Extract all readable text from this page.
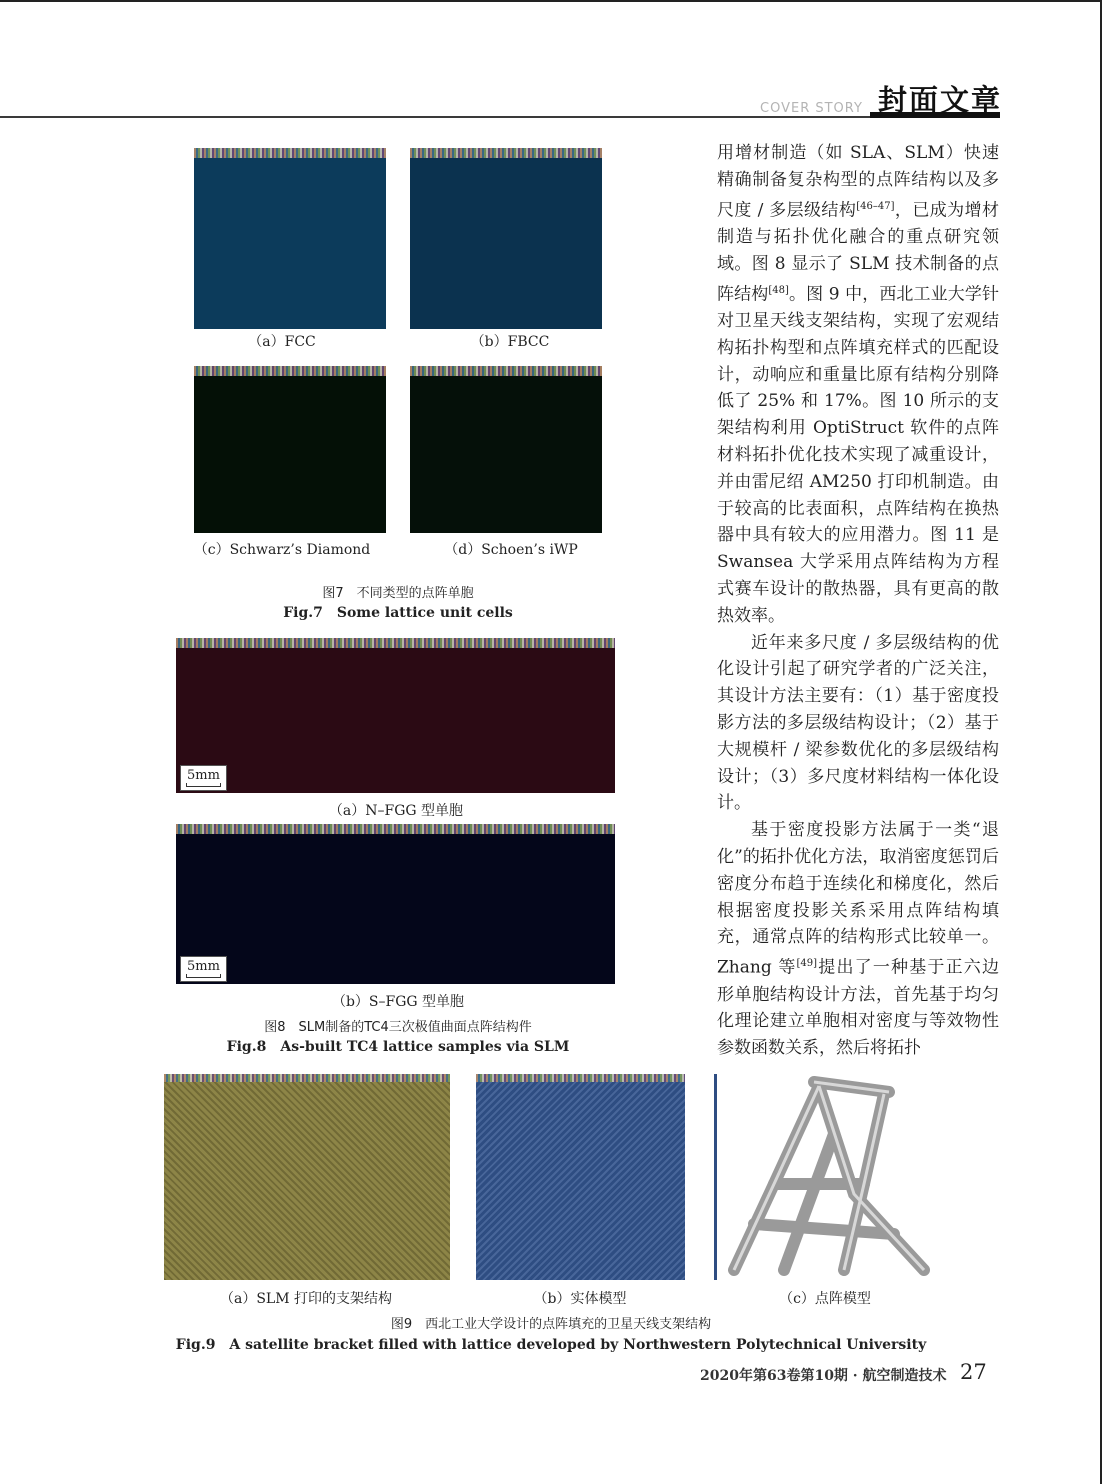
COVER STORY 封面文章
（a）FCC	（b）FBCC
（c）Schwarz’s Diamond	（d）Schoen’s iWP
图7　不同类型的点阵单胞
Fig.7　Some lattice unit cells
5mm
（a）N–FGG 型单胞
5mm
（b）S–FGG 型单胞
图8　SLM制备的TC4三次极值曲面点阵结构件
Fig.8　As-built TC4 lattice samples via SLM
（a）SLM 打印的支架结构	（b）实体模型	（c）点阵模型
图9　西北工业大学设计的点阵填充的卫星天线支架结构
Fig.9　A satellite bracket filled with lattice developed by Northwestern Polytechnical University

用增材制造（如 SLA、SLM）快速精确制备复杂构型的点阵结构以及多尺度 / 多层级结构[46–47]，已成为增材制造与拓扑优化融合的重点研究领域。图 8 显示了 SLM 技术制备的点阵结构[48]。图 9 中，西北工业大学针对卫星天线支架结构，实现了宏观结构拓扑构型和点阵填充样式的匹配设计，动响应和重量比原有结构分别降低了 25% 和 17%。图 10 所示的支架结构利用 OptiStruct 软件的点阵材料拓扑优化技术实现了减重设计，并由雷尼绍 AM250 打印机制造。由于较高的比表面积，点阵结构在换热器中具有较大的应用潜力。图 11 是 Swansea 大学采用点阵结构为方程式赛车设计的散热器，具有更高的散热效率。

近年来多尺度 / 多层级结构的优化设计引起了研究学者的广泛关注，其设计方法主要有：（1）基于密度投影方法的多层级结构设计；（2）基于大规模杆 / 梁参数优化的多层级结构设计；（3）多尺度材料结构一体化设计。

基于密度投影方法属于一类“退化”的拓扑优化方法，取消密度惩罚后密度分布趋于连续化和梯度化，然后根据密度投影关系采用点阵结构填充，通常点阵的结构形式比较单一。Zhang 等[49]提出了一种基于正六边形单胞结构设计方法，首先基于均匀化理论建立单胞相对密度与等效物性参数函数关系，然后将拓扑

2020年第63卷第10期 · 航空制造技术 27
